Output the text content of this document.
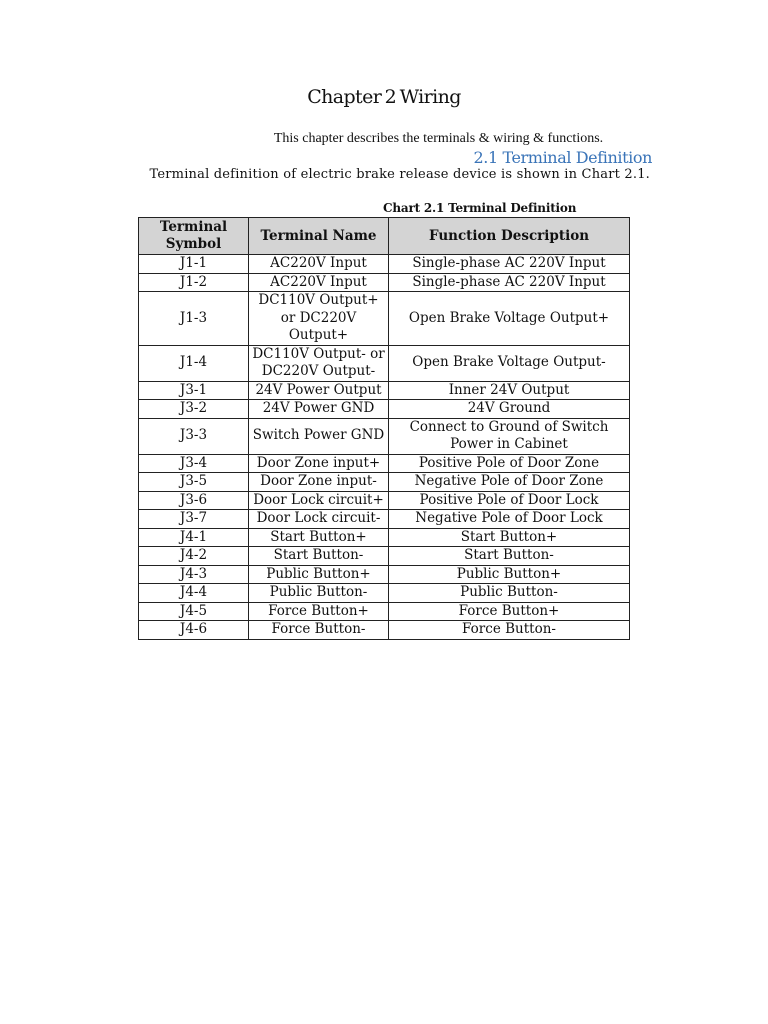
Chapter 2 Wiring
This chapter describes the terminals & wiring & functions.
2.1 Terminal Definition
Terminal definition of electric brake release device is shown in Chart 2.1.
Chart 2.1 Terminal Definition
Terminal Symbol	Terminal Name	Function Description
J1-1	AC220V Input	Single-phase AC 220V Input
J1-2	AC220V Input	Single-phase AC 220V Input
J1-3	DC110V Output+ or DC220V Output+	Open Brake Voltage Output+
J1-4	DC110V Output- or DC220V Output-	Open Brake Voltage Output-
J3-1	24V Power Output	Inner 24V Output
J3-2	24V Power GND	24V Ground
J3-3	Switch Power GND	Connect to Ground of Switch Power in Cabinet
J3-4	Door Zone input+	Positive Pole of Door Zone
J3-5	Door Zone input-	Negative Pole of Door Zone
J3-6	Door Lock circuit+	Positive Pole of Door Lock
J3-7	Door Lock circuit-	Negative Pole of Door Lock
J4-1	Start Button+	Start Button+
J4-2	Start Button-	Start Button-
J4-3	Public Button+	Public Button+
J4-4	Public Button-	Public Button-
J4-5	Force Button+	Force Button+
J4-6	Force Button-	Force Button-
